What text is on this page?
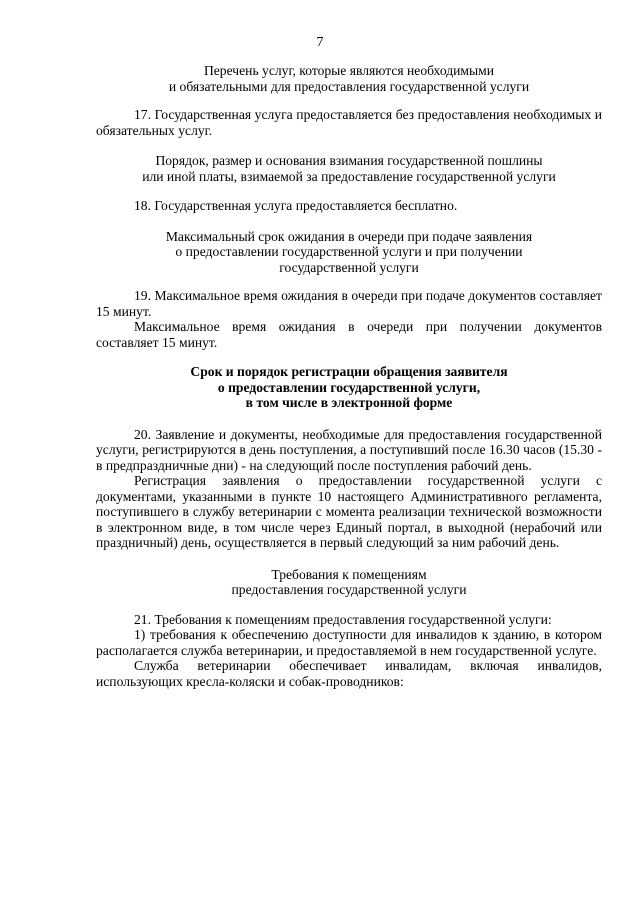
7
Перечень услуг, которые являются необходимыми
и обязательными для предоставления государственной услуги
17. Государственная услуга предоставляется без предоставления необходимых и обязательных услуг.
Порядок, размер и основания взимания государственной пошлины
или иной платы, взимаемой за предоставление государственной услуги
18. Государственная услуга предоставляется бесплатно.
Максимальный срок ожидания в очереди при подаче заявления
о предоставлении государственной услуги и при получении
государственной услуги
19. Максимальное время ожидания в очереди при подаче документов составляет 15 минут.
Максимальное время ожидания в очереди при получении документов составляет 15 минут.
Срок и порядок регистрации обращения заявителя
о предоставлении государственной услуги,
в том числе в электронной форме
20. Заявление и документы, необходимые для предоставления государственной услуги, регистрируются в день поступления, а поступивший после 16.30 часов (15.30 - в предпраздничные дни) - на следующий после поступления рабочий день.
Регистрация заявления о предоставлении государственной услуги с документами, указанными в пункте 10 настоящего Административного регламента, поступившего в службу ветеринарии с момента реализации технической возможности в электронном виде, в том числе через Единый портал, в выходной (нерабочий или праздничный) день, осуществляется в первый следующий за ним рабочий день.
Требования к помещениям
предоставления государственной услуги
21. Требования к помещениям предоставления государственной услуги:
1) требования к обеспечению доступности для инвалидов к зданию, в котором располагается служба ветеринарии, и предоставляемой в нем государственной услуге.
Служба ветеринарии обеспечивает инвалидам, включая инвалидов, использующих кресла-коляски и собак-проводников:
